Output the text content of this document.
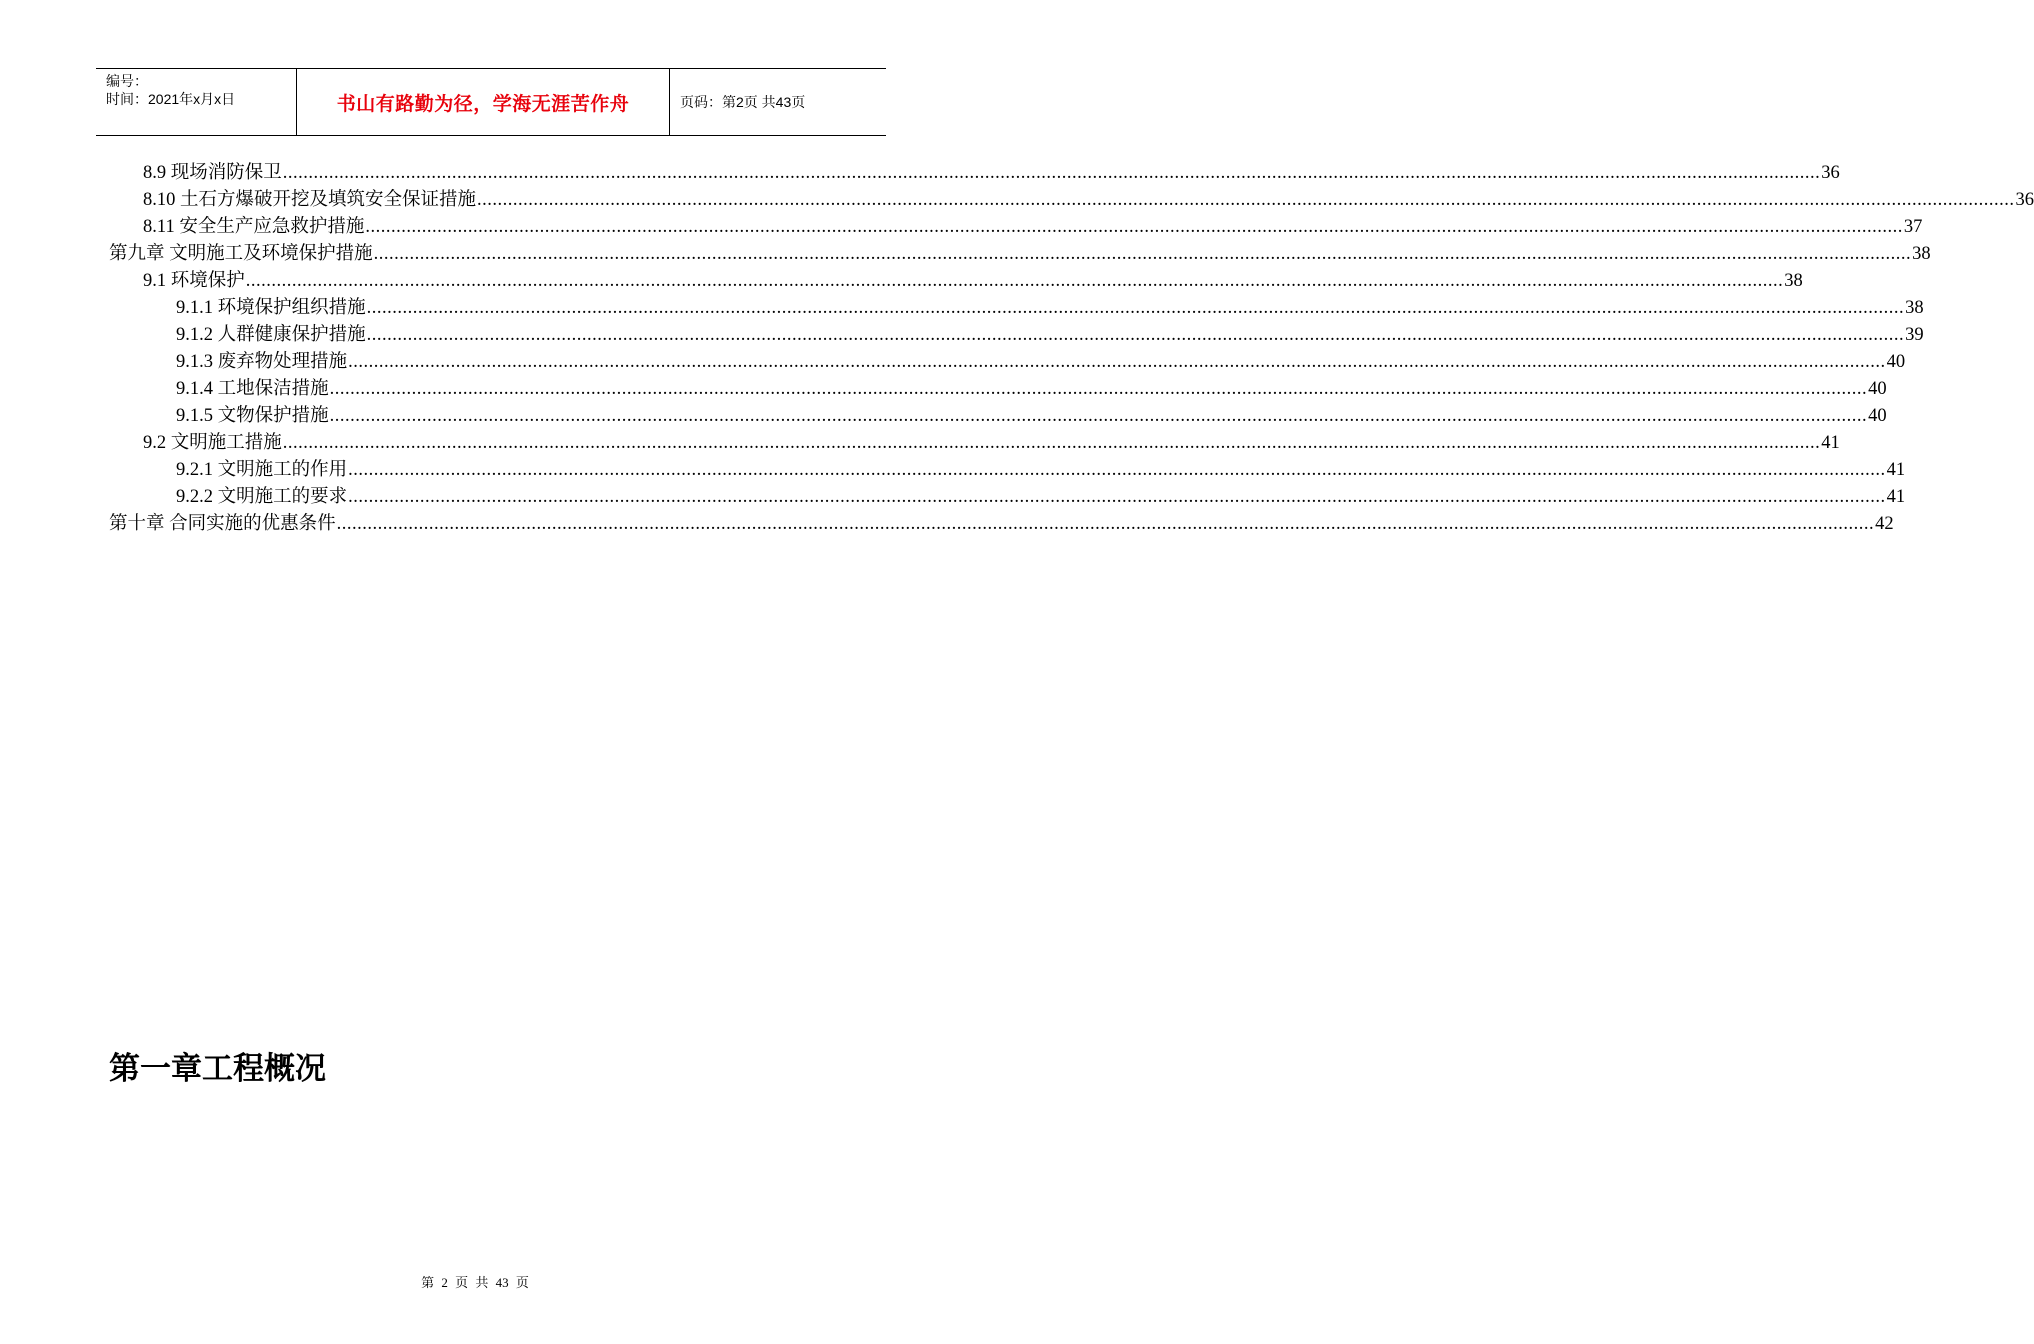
编号：
时间：2021年x月x日	书山有路勤为径，学海无涯苦作舟	页码：第2页 共43页
8.9 现场消防保卫 ............................................................................................................................................................................................................................................................................................................ 36
8.10 土石方爆破开挖及填筑安全保证措施 ............................................................................................................................................................................................................................................................................................................ 36
8.11 安全生产应急救护措施 ............................................................................................................................................................................................................................................................................................................ 37
第九章 文明施工及环境保护措施 ............................................................................................................................................................................................................................................................................................................ 38
9.1 环境保护 ............................................................................................................................................................................................................................................................................................................ 38
9.1.1 环境保护组织措施 ............................................................................................................................................................................................................................................................................................................ 38
9.1.2 人群健康保护措施 ............................................................................................................................................................................................................................................................................................................ 39
9.1.3 废弃物处理措施 ............................................................................................................................................................................................................................................................................................................ 40
9.1.4 工地保洁措施 ............................................................................................................................................................................................................................................................................................................ 40
9.1.5 文物保护措施 ............................................................................................................................................................................................................................................................................................................ 40
9.2 文明施工措施 ............................................................................................................................................................................................................................................................................................................ 41
9.2.1 文明施工的作用 ............................................................................................................................................................................................................................................................................................................ 41
9.2.2 文明施工的要求 ............................................................................................................................................................................................................................................................................................................ 41
第十章 合同实施的优惠条件 ............................................................................................................................................................................................................................................................................................................ 42
第一章工程概况
第 2 页 共 43 页
